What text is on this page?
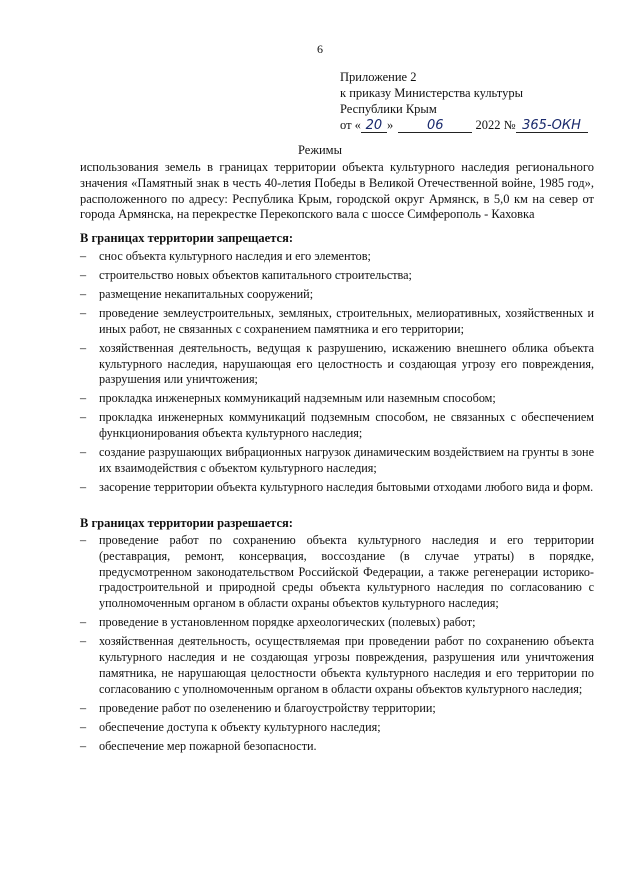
6
Приложение 2
к приказу Министерства культуры
Республики Крым
от « 20 »	06	2022 № 365-ОКН
Режимы
использования земель в границах территории объекта культурного наследия регионального значения «Памятный знак в честь 40-летия Победы в Великой Отечественной войне, 1985 год», расположенного по адресу: Республика Крым, городской округ Армянск, в 5,0 км на север от города Армянска, на перекрестке Перекопского вала с шоссе Симферополь - Каховка
В границах территории запрещается:
– снос объекта культурного наследия и его элементов;
– строительство новых объектов капитального строительства;
– размещение некапитальных сооружений;
– проведение землеустроительных, земляных, строительных, мелиоративных, хозяйственных и иных работ, не связанных с сохранением памятника и его территории;
– хозяйственная деятельность, ведущая к разрушению, искажению внешнего облика объекта культурного наследия, нарушающая его целостность и создающая угрозу его повреждения, разрушения или уничтожения;
– прокладка инженерных коммуникаций надземным или наземным способом;
– прокладка инженерных коммуникаций подземным способом, не связанных с обеспечением функционирования объекта культурного наследия;
– создание разрушающих вибрационных нагрузок динамическим воздействием на грунты в зоне их взаимодействия с объектом культурного наследия;
– засорение территории объекта культурного наследия бытовыми отходами любого вида и форм.
В границах территории разрешается:
– проведение работ по сохранению объекта культурного наследия и его территории (реставрация, ремонт, консервация, воссоздание (в случае утраты) в порядке, предусмотренном законодательством Российской Федерации, а также регенерации историко-градостроительной и природной среды объекта культурного наследия по согласованию с уполномоченным органом в области охраны объектов культурного наследия;
– проведение в установленном порядке археологических (полевых) работ;
– хозяйственная деятельность, осуществляемая при проведении работ по сохранению объекта культурного наследия и не создающая угрозы повреждения, разрушения или уничтожения памятника, не нарушающая целостности объекта культурного наследия и его территории по согласованию с уполномоченным органом в области охраны объектов культурного наследия;
– проведение работ по озеленению и благоустройству территории;
– обеспечение доступа к объекту культурного наследия;
– обеспечение мер пожарной безопасности.
